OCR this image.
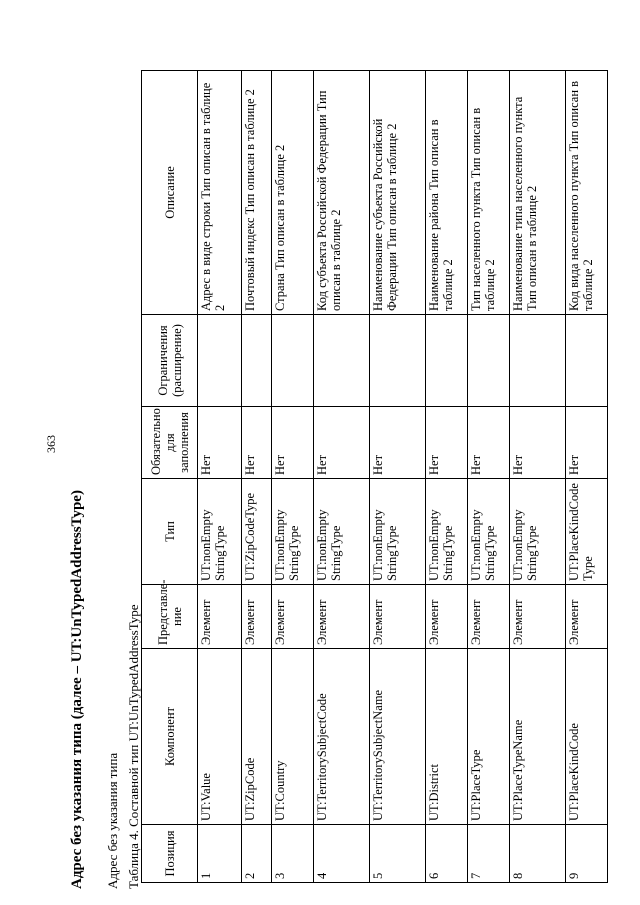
363
Адрес без указания типа (далее – UT:UnTypedAddressType) Адрес без указания типа Таблица 4. Составной тип UT:UnTypedAddressType Позиция	Компонент	Представле-ние	Тип	Обязательно для заполнения	Ограничения (расширение)	Описание
1	UT:Value	Элемент	UT:nonEmpty StringType	Нет		Адрес в виде строки Тип описан в таблице 2
2	UT:ZipCode	Элемент	UT:ZipCodeType	Нет		Почтовый индекс Тип описан в таблице 2
3	UT:Country	Элемент	UT:nonEmpty StringType	Нет		Страна Тип описан в таблице 2
4	UT:TerritorySubjectCode	Элемент	UT:nonEmpty StringType	Нет		Код субъекта Российской Федерации Тип описан в таблице 2
5	UT:TerritorySubjectName	Элемент	UT:nonEmpty StringType	Нет		Наименование субъекта Российской Федерации Тип описан в таблице 2
6	UT:District	Элемент	UT:nonEmpty StringType	Нет		Наименование района Тип описан в таблице 2
7	UT:PlaceType	Элемент	UT:nonEmpty StringType	Нет		Тип населенного пункта Тип описан в таблице 2
8	UT:PlaceTypeName	Элемент	UT:nonEmpty StringType	Нет		Наименование типа населенного пункта Тип описан в таблице 2
9	UT:PlaceKindCode	Элемент	UT:PlaceKindCode Type	Нет		Код вида населенного пункта Тип описан в таблице 2
